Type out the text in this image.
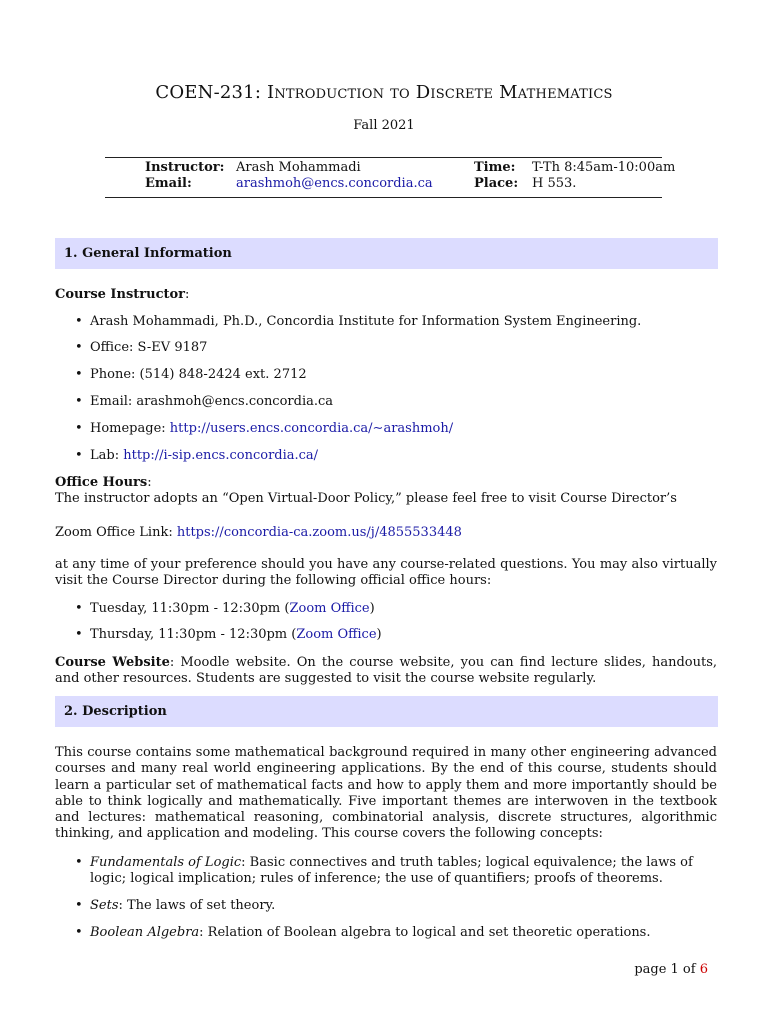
COEN-231: Introduction to Discrete Mathematics
Fall 2021
Instructor: Arash Mohammadi	Time: T-Th 8:45am-10:00am
Email:	arashmoh@encs.concordia.ca	Place: H 553.
1. General Information
Course Instructor:
• Arash Mohammadi, Ph.D., Concordia Institute for Information System Engineering.
• Office: S-EV 9187
• Phone: (514) 848-2424 ext. 2712
• Email: arashmoh@encs.concordia.ca
• Homepage: http://users.encs.concordia.ca/∼arashmoh/
• Lab: http://i-sip.encs.concordia.ca/
Office Hours:
The instructor adopts an “Open Virtual-Door Policy,” please feel free to visit Course Director’s
Zoom Office Link: https://concordia-ca.zoom.us/j/4855533448
at any time of your preference should you have any course-related questions. You may also virtually visit the Course Director during the following official office hours:
• Tuesday, 11:30pm - 12:30pm (Zoom Office)
• Thursday, 11:30pm - 12:30pm (Zoom Office)
Course Website: Moodle website. On the course website, you can find lecture slides, handouts, and other resources. Students are suggested to visit the course website regularly.
2. Description
This course contains some mathematical background required in many other engineering advanced courses and many real world engineering applications. By the end of this course, students should learn a particular set of mathematical facts and how to apply them and more importantly should be able to think logically and mathematically. Five important themes are interwoven in the textbook and lectures: mathematical reasoning, combinatorial analysis, discrete structures, algorithmic thinking, and application and modeling. This course covers the following concepts:
• Fundamentals of Logic: Basic connectives and truth tables; logical equivalence; the laws of logic; logical implication; rules of inference; the use of quantifiers; proofs of theorems.
• Sets: The laws of set theory.
• Boolean Algebra: Relation of Boolean algebra to logical and set theoretic operations.
page 1 of 6
